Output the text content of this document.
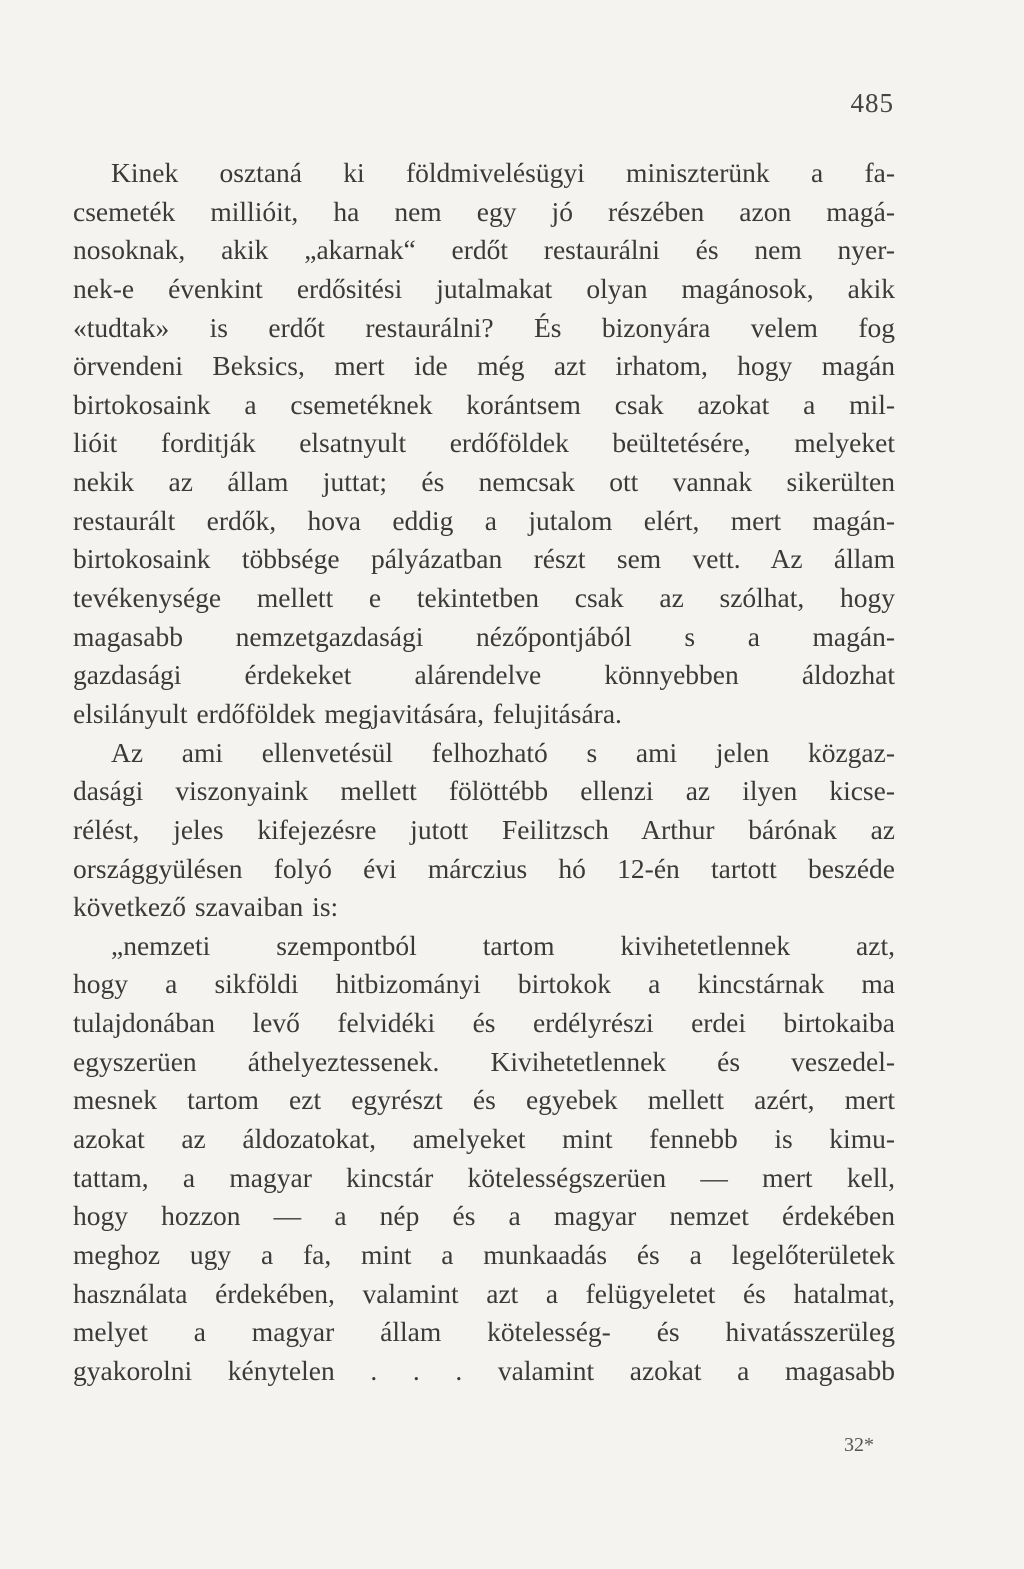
485
Kinek osztaná ki földmivelésügyi miniszterünk a fa-
csemeték millióit, ha nem egy jó részében azon magá-
nosoknak, akik „akarnak“ erdőt restaurálni és nem nyer-
nek-e évenkint erdősitési jutalmakat olyan magánosok, akik
«tudtak» is erdőt restaurálni? És bizonyára velem fog
örvendeni Beksics, mert ide még azt irhatom, hogy magán
birtokosaink a csemetéknek korántsem csak azokat a mil-
lióit forditják elsatnyult erdőföldek beültetésére, melyeket
nekik az állam juttat; és nemcsak ott vannak sikerülten
restaurált erdők, hova eddig a jutalom elért, mert magán-
birtokosaink többsége pályázatban részt sem vett. Az állam
tevékenysége mellett e tekintetben csak az szólhat, hogy
magasabb nemzetgazdasági nézőpontjából s a magán-
gazdasági érdekeket alárendelve könnyebben áldozhat
elsilányult erdőföldek megjavitására, felujitására.
Az ami ellenvetésül felhozható s ami jelen közgaz-
dasági viszonyaink mellett fölöttébb ellenzi az ilyen kicse-
rélést, jeles kifejezésre jutott Feilitzsch Arthur bárónak az
országgyülésen folyó évi márczius hó 12-én tartott beszéde
következő szavaiban is:
„nemzeti szempontból tartom kivihetetlennek azt,
hogy a sikföldi hitbizományi birtokok a kincstárnak ma
tulajdonában levő felvidéki és erdélyrészi erdei birtokaiba
egyszerüen áthelyeztessenek. Kivihetetlennek és veszedel-
mesnek tartom ezt egyrészt és egyebek mellett azért, mert
azokat az áldozatokat, amelyeket mint fennebb is kimu-
tattam, a magyar kincstár kötelességszerüen — mert kell,
hogy hozzon — a nép és a magyar nemzet érdekében
meghoz ugy a fa, mint a munkaadás és a legelőterületek
használata érdekében, valamint azt a felügyeletet és hatalmat,
melyet a magyar állam kötelesség- és hivatásszerüleg
gyakorolni kénytelen . . . valamint azokat a magasabb
32*
